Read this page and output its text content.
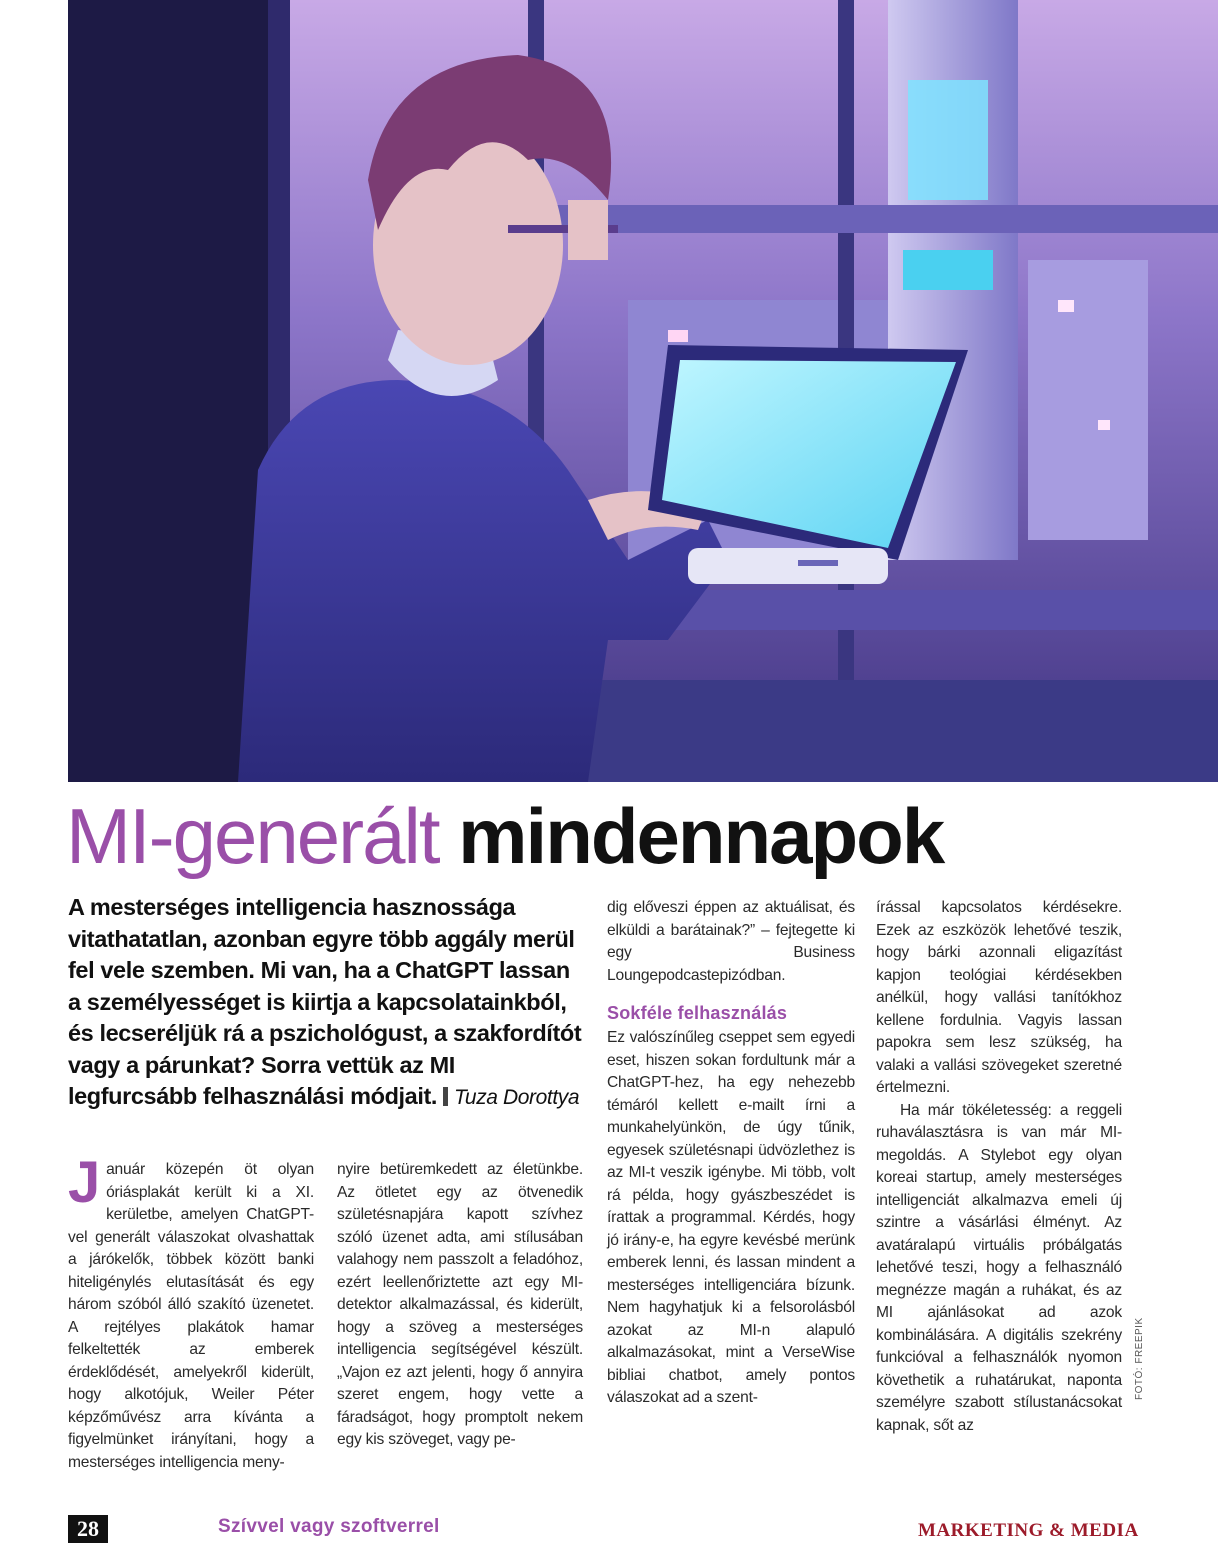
MI-generált mindennapok

A mesterséges intelligencia hasznossága vitathatatlan, azonban egyre több aggály merül fel vele szemben. Mi van, ha a ChatGPT lassan a személyességet is kiirtja a kapcsolatainkból, és lecseréljük rá a pszichológust, a szakfordítót vagy a párunkat? Sorra vettük az MI legfurcsább felhasználási módjait. Tuza Dorottya

Január közepén öt olyan óriásplakát került ki a XI. kerületbe, amelyen ChatGPT-vel generált válaszokat olvashattak a járókelők, többek között banki hiteligénylés elutasítását és egy három szóból álló szakító üzenetet. A rejtélyes plakátok hamar felkeltették az emberek érdeklődését, amelyekről kiderült, hogy alkotójuk, Weiler Péter képzőművész arra kívánta a figyelmünket irányítani, hogy a mesterséges intelligencia meny-

nyire betüremkedett az életünkbe. Az ötletet egy az ötvenedik születésnapjára kapott szívhez szóló üzenet adta, ami stílusában valahogy nem passzolt a feladóhoz, ezért leellenőriztette azt egy MI-detektor alkalmazással, és kiderült, hogy a szöveg a mesterséges intelligencia segítségével készült. „Vajon ez azt jelenti, hogy ő annyira szeret engem, hogy vette a fáradságot, hogy promptolt nekem egy kis szöveget, vagy pe-

dig előveszi éppen az aktuálisat, és elküldi a barátainak?” – fejtegette ki egy Business Loungepodcastepizódban.

Sokféle felhasználás

Ez valószínűleg cseppet sem egyedi eset, hiszen sokan fordultunk már a ChatGPT-hez, ha egy nehezebb témáról kellett e-mailt írni a munkahelyünkön, de úgy tűnik, egyesek születésnapi üdvözlethez is az MI-t veszik igénybe. Mi több, volt rá példa, hogy gyászbeszédet is írattak a programmal. Kérdés, hogy jó irány-e, ha egyre kevésbé merünk emberek lenni, és lassan mindent a mesterséges intelligenciára bízunk. Nem hagyhatjuk ki a felsorolásból azokat az MI-n alapuló alkalmazásokat, mint a VerseWise bibliai chatbot, amely pontos válaszokat ad a szent-

írással kapcsolatos kérdésekre. Ezek az eszközök lehetővé teszik, hogy bárki azonnali eligazítást kapjon teológiai kérdésekben anélkül, hogy vallási tanítókhoz kellene fordulnia. Vagyis lassan papokra sem lesz szükség, ha valaki a vallási szövegeket szeretné értelmezni.

Ha már tökéletesség: a reggeli ruhaválasztásra is van már MI-megoldás. A Stylebot egy olyan koreai startup, amely mesterséges intelligenciát alkalmazva emeli új szintre a vásárlási élményt. Az avatáralapú virtuális próbálgatás lehetővé teszi, hogy a felhasználó megnézze magán a ruhákat, és az MI ajánlásokat ad azok kombinálására. A digitális szekrény funkcióval a felhasználók nyomon követhetik a ruhatárukat, naponta személyre szabott stílustanácsokat kapnak, sőt az

FOTÓ: FREEPIK
28	Szívvel vagy szoftverrel	MARKETING & MEDIA
